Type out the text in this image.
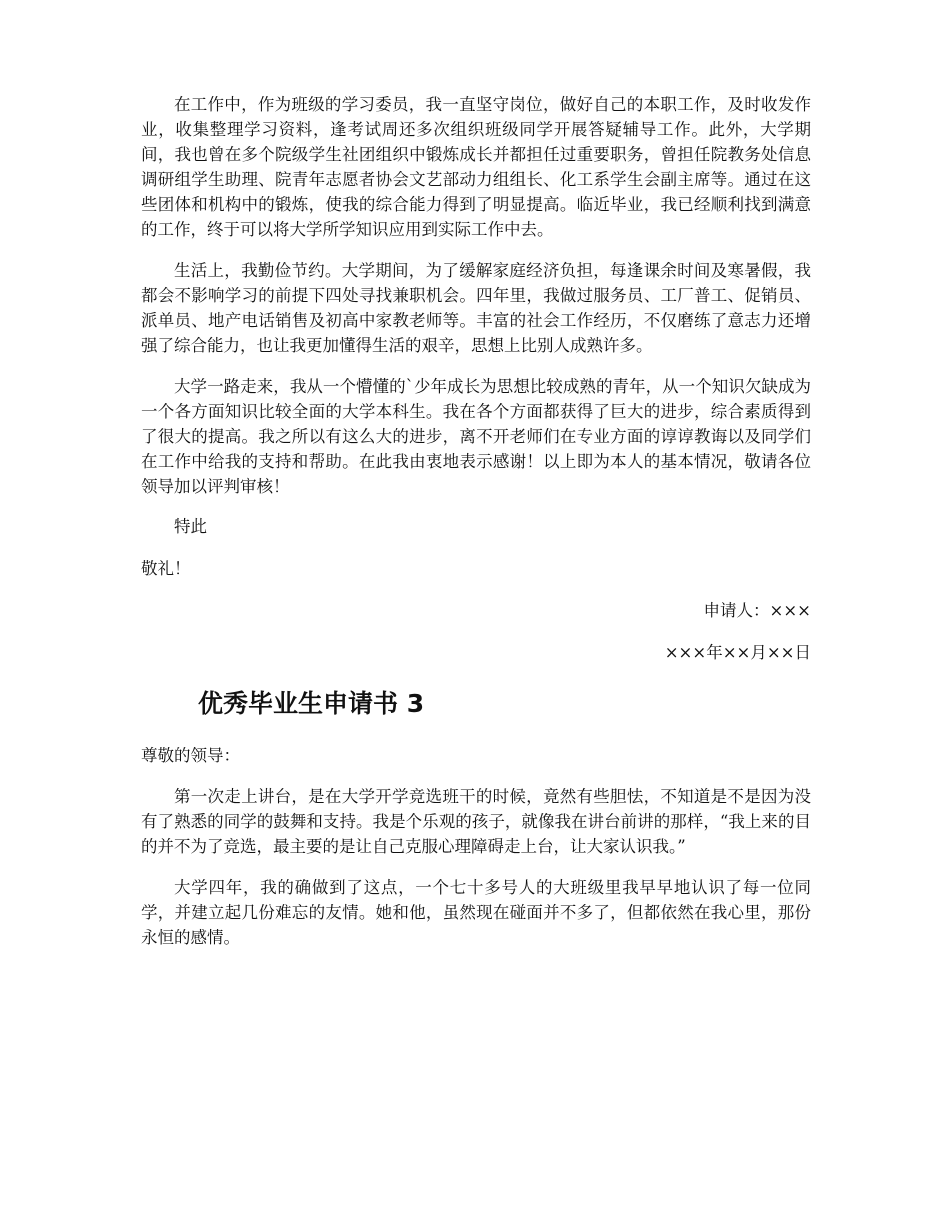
在工作中，作为班级的学习委员，我一直坚守岗位，做好自己的本职工作，及时收发作业，收集整理学习资料，逢考试周还多次组织班级同学开展答疑辅导工作。此外，大学期间，我也曾在多个院级学生社团组织中锻炼成长并都担任过重要职务，曾担任院教务处信息调研组学生助理、院青年志愿者协会文艺部动力组组长、化工系学生会副主席等。通过在这些团体和机构中的锻炼，使我的综合能力得到了明显提高。临近毕业，我已经顺利找到满意的工作，终于可以将大学所学知识应用到实际工作中去。

生活上，我勤俭节约。大学期间，为了缓解家庭经济负担，每逢课余时间及寒暑假，我都会不影响学习的前提下四处寻找兼职机会。四年里，我做过服务员、工厂普工、促销员、派单员、地产电话销售及初高中家教老师等。丰富的社会工作经历，不仅磨练了意志力还增强了综合能力，也让我更加懂得生活的艰辛，思想上比别人成熟许多。

大学一路走来，我从一个懵懂的`少年成长为思想比较成熟的青年，从一个知识欠缺成为一个各方面知识比较全面的大学本科生。我在各个方面都获得了巨大的进步，综合素质得到了很大的提高。我之所以有这么大的进步，离不开老师们在专业方面的谆谆教诲以及同学们在工作中给我的支持和帮助。在此我由衷地表示感谢！以上即为本人的基本情况，敬请各位领导加以评判审核！

特此

敬礼！

申请人：×××

×××年××月××日

优秀毕业生申请书 3

尊敬的领导：

第一次走上讲台，是在大学开学竞选班干的时候，竟然有些胆怯，不知道是不是因为没有了熟悉的同学的鼓舞和支持。我是个乐观的孩子，就像我在讲台前讲的那样，“我上来的目的并不为了竞选，最主要的是让自己克服心理障碍走上台，让大家认识我。”

大学四年，我的确做到了这点，一个七十多号人的大班级里我早早地认识了每一位同学，并建立起几份难忘的友情。她和他，虽然现在碰面并不多了，但都依然在我心里，那份永恒的感情。
